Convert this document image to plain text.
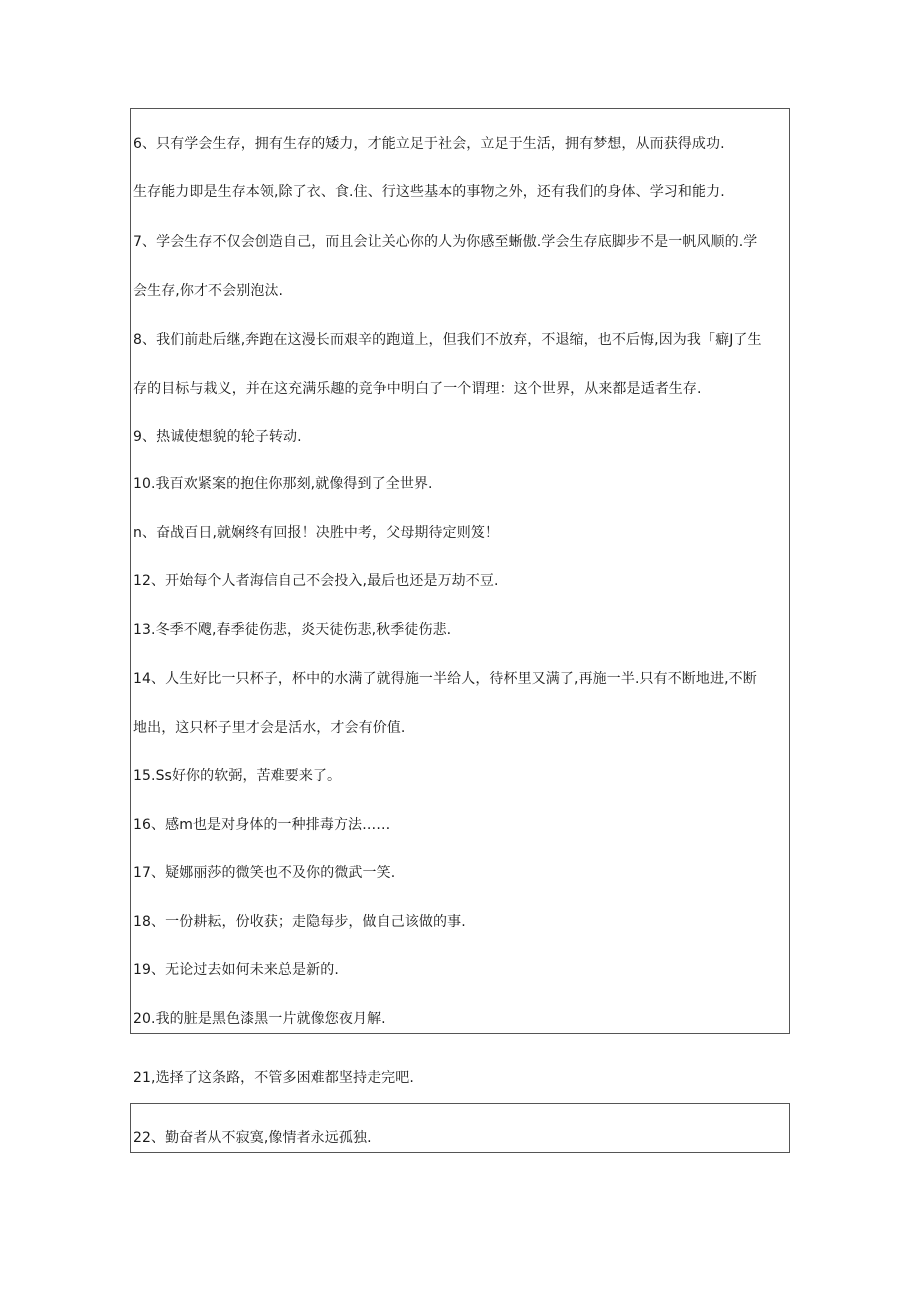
6、只有学会生存，拥有生存的矮力，才能立足于社会，立足于生活，拥有梦想，从而获得成功.
生存能力即是生存本领,除了衣、食.住、行这些基本的事物之外，还有我们的身体、学习和能力.
7、学会生存不仅会创造自己，而且会让关心你的人为你感至蜥傲.学会生存底脚步不是一帆风顺的.学
会生存,你才不会别泡汰.
8、我们前赴后继,奔跑在这漫长而艰辛的跑道上，但我们不放弃，不退缩，也不后悔,因为我「癖J了生
存的目标与栽义，并在这充满乐趣的竞争中明白了一个谓理：这个世界，从来都是适者生存.
9、热诚使想貌的轮子转动.
10.我百欢紧案的抱住你那刻,就像得到了全世界.
n、奋战百日,就娴终有回报！决胜中考，父母期待定则笈！
12、开始每个人者海信自己不会投入,最后也还是万劫不豆.
13.冬季不飕,春季徒伤悲，炎天徒伤悲,秋季徒伤悲.
14、人生好比一只杯子，杯中的水满了就得施一半给人，待杯里又满了,再施一半.只有不断地进,不断
地出，这只杯子里才会是活水，才会有价值.
15.Ss好你的软弼，苦难要来了。
16、感m也是对身体的一种排毒方法……
17、疑娜丽莎的微笑也不及你的微武一笑.
18、一份耕耘，份收获；走隐每步，做自己该做的事.
19、无论过去如何未来总是新的.
20.我的脏是黑色漆黑一片就像您夜月解.
21,选择了这条路，不管多困难都坚持走完吧.
22、勤奋者从不寂寞,像情者永远孤独.
